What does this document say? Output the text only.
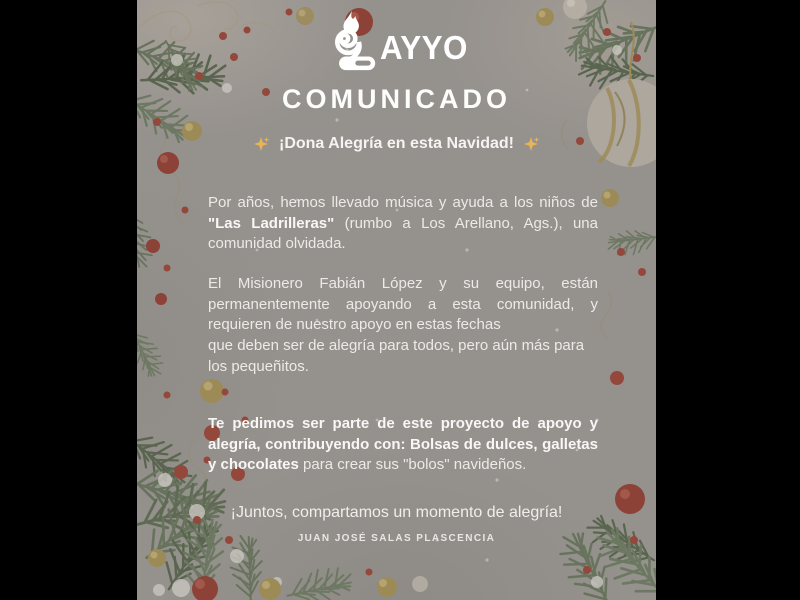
AYYO
COMUNICADO
¡Dona Alegría en esta Navidad!

Por años, hemos llevado música y ayuda a los niños de "Las Ladrilleras" (rumbo a Los Arellano, Ags.), una comunidad olvidada.

El Misionero Fabián López y su equipo, están permanentemente apoyando a esta comunidad, y requieren de nuestro apoyo en estas fechas
que deben ser de alegría para todos, pero aún más para
los pequeñitos.

Te pedimos ser parte de este proyecto de apoyo y alegría, contribuyendo con: Bolsas de dulces, galletas y chocolates para crear sus "bolos" navideños.

¡Juntos, compartamos un momento de alegría!
JUAN JOSÉ SALAS PLASCENCIA
